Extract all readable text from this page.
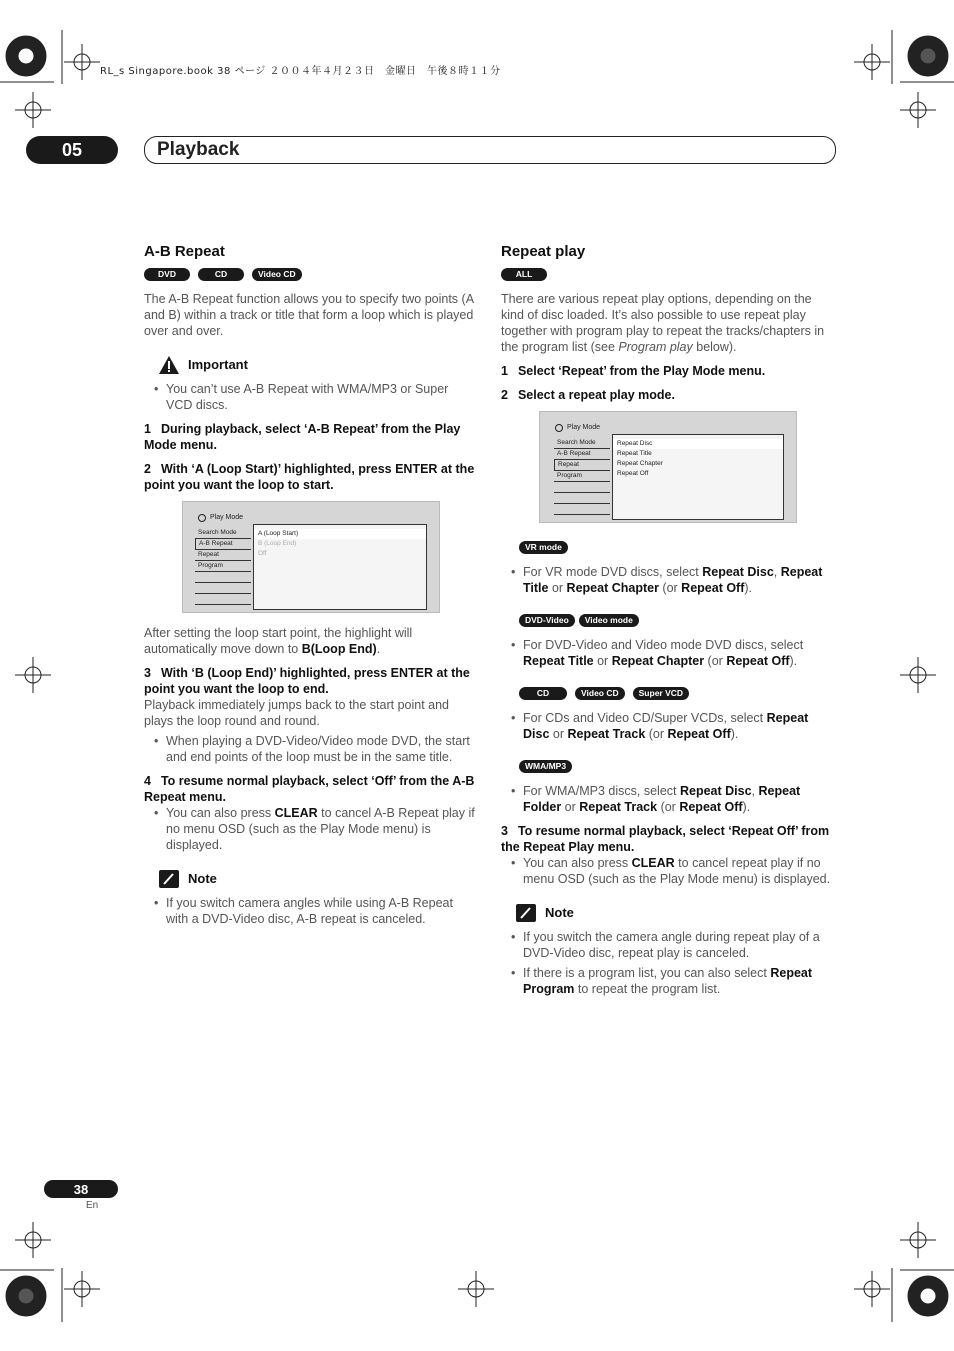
RL_s Singapore.book 38 ページ ２００４年４月２３日　金曜日　午後８時１１分
05	Playback
A-B Repeat
DVD	CD	Video CD

The A-B Repeat function allows you to specify two points (A and B) within a track or title that form a loop which is played over and over.

Important
• You can’t use A-B Repeat with WMA/MP3 or Super VCD discs.
1 During playback, select ‘A-B Repeat’ from the Play Mode menu.
2 With ‘A (Loop Start)’ highlighted, press ENTER at the point you want the loop to start.
Play Mode
Search Mode
A-B Repeat
Repeat
Program
A (Loop Start)
B (Loop End)
Off

After setting the loop start point, the highlight will automatically move down to B(Loop End).

3 With ‘B (Loop End)’ highlighted, press ENTER at the point you want the loop to end.

Playback immediately jumps back to the start point and plays the loop round and round.

• When playing a DVD-Video/Video mode DVD, the start and end points of the loop must be in the same title.
4 To resume normal playback, select ‘Off’ from the A-B Repeat menu.
• You can also press CLEAR to cancel A-B Repeat play if no menu OSD (such as the Play Mode menu) is displayed.
Note
• If you switch camera angles while using A-B Repeat with a DVD-Video disc, A-B repeat is canceled.
Repeat play
ALL

There are various repeat play options, depending on the kind of disc loaded. It’s also possible to use repeat play together with program play to repeat the tracks/chapters in the program list (see Program play below).

1 Select ‘Repeat’ from the Play Mode menu.
2 Select a repeat play mode.
Play Mode
Search Mode
A-B Repeat
Repeat
Program
Repeat Disc
Repeat Title
Repeat Chapter
Repeat Off
VR mode
• For VR mode DVD discs, select Repeat Disc, Repeat Title or Repeat Chapter (or Repeat Off).
DVD-Video	Video mode
• For DVD-Video and Video mode DVD discs, select Repeat Title or Repeat Chapter (or Repeat Off).
CD	Video CD	Super VCD
• For CDs and Video CD/Super VCDs, select Repeat Disc or Repeat Track (or Repeat Off).
WMA/MP3
• For WMA/MP3 discs, select Repeat Disc, Repeat Folder or Repeat Track (or Repeat Off).
3 To resume normal playback, select ‘Repeat Off’ from the Repeat Play menu.
• You can also press CLEAR to cancel repeat play if no menu OSD (such as the Play Mode menu) is displayed.
Note
• If you switch the camera angle during repeat play of a DVD-Video disc, repeat play is canceled.
• If there is a program list, you can also select Repeat Program to repeat the program list.
38
En
